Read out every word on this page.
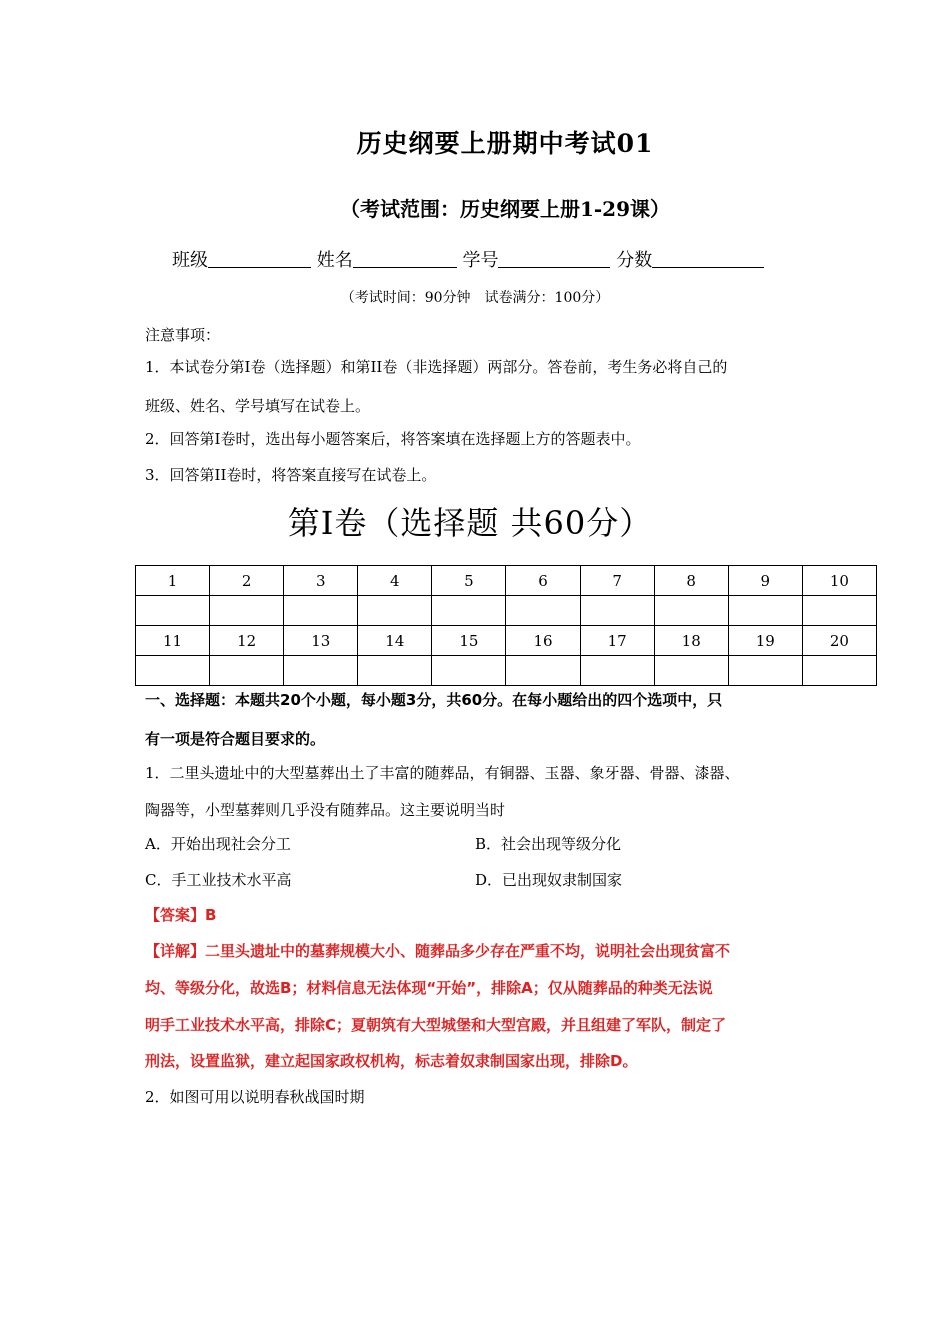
历史纲要上册期中考试01
（考试范围：历史纲要上册1-29课）
班级	姓名	学号	分数
（考试时间：90分钟　试卷满分：100分）
注意事项：
1．本试卷分第I卷（选择题）和第II卷（非选择题）两部分。答卷前，考生务必将自己的
班级、姓名、学号填写在试卷上。
2．回答第I卷时，选出每小题答案后，将答案填在选择题上方的答题表中。
3．回答第II卷时，将答案直接写在试卷上。
第I卷（选择题 共60分）
1	2	3	4	5	6	7	8	9	10

11	12	13	14	15	16	17	18	19	20

一、选择题：本题共20个小题，每小题3分，共60分。在每小题给出的四个选项中，只
有一项是符合题目要求的。
1．二里头遗址中的大型墓葬出土了丰富的随葬品，有铜器、玉器、象牙器、骨器、漆器、
陶器等，小型墓葬则几乎没有随葬品。这主要说明当时
A．开始出现社会分工	B．社会出现等级分化
C．手工业技术水平高	D．已出现奴隶制国家
【答案】B
【详解】二里头遗址中的墓葬规模大小、随葬品多少存在严重不均，说明社会出现贫富不
均、等级分化，故选B；材料信息无法体现“开始”，排除A；仅从随葬品的种类无法说
明手工业技术水平高，排除C；夏朝筑有大型城堡和大型宫殿，并且组建了军队，制定了
刑法，设置监狱，建立起国家政权机构，标志着奴隶制国家出现，排除D。
2．如图可用以说明春秋战国时期
